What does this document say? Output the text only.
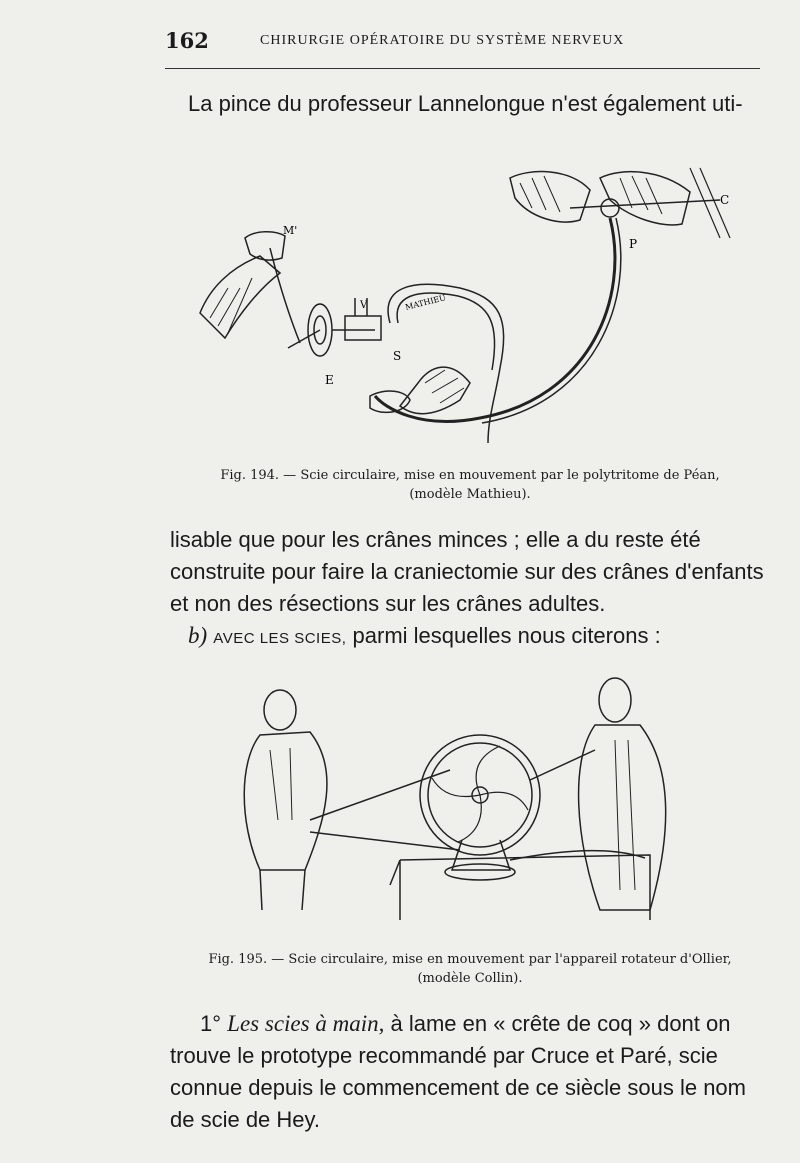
162	CHIRURGIE OPÉRATOIRE DU SYSTÈME NERVEUX
La pince du professeur Lannelongue n'est également uti-
M'
P
C
V
E
S
MATHIEU
Fig. 194. — Scie circulaire, mise en mouvement par le polytritome de Péan,
(modèle Mathieu).
lisable que pour les crânes minces ; elle a du reste été
construite pour faire la craniectomie sur des crânes d'enfants
et non des résections sur les crânes adultes.
b) AVEC LES SCIES, parmi lesquelles nous citerons :
Fig. 195. — Scie circulaire, mise en mouvement par l'appareil rotateur d'Ollier,
(modèle Collin).
1° Les scies à main, à lame en « crête de coq » dont on
trouve le prototype recommandé par Cruce et Paré, scie
connue depuis le commencement de ce siècle sous le nom
de scie de Hey.
